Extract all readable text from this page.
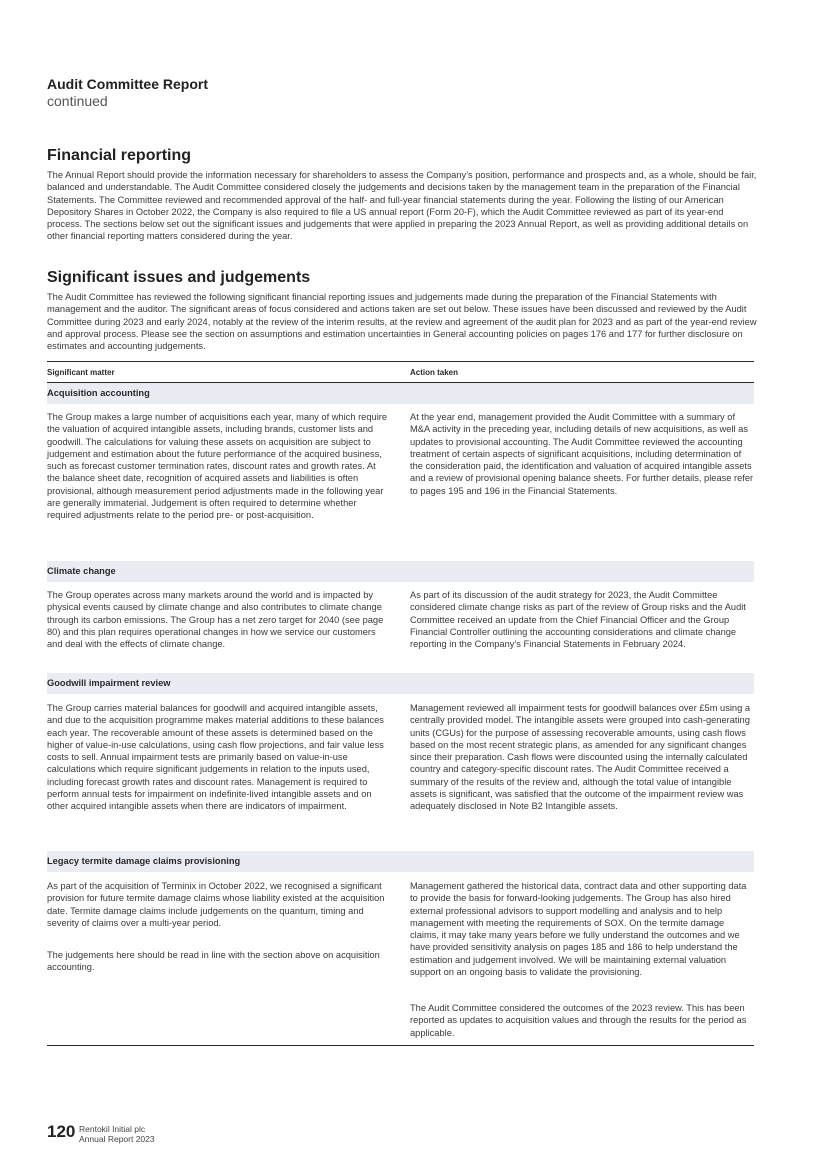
Audit Committee Report
continued
Financial reporting

The Annual Report should provide the information necessary for shareholders to assess the Company’s position, performance and prospects and, as a whole, should be fair, balanced and understandable. The Audit Committee considered closely the judgements and decisions taken by the management team in the preparation of the Financial Statements. The Committee reviewed and recommended approval of the half- and full-year financial statements during the year. Following the listing of our American Depository Shares in October 2022, the Company is also required to file a US annual report (Form 20-F), which the Audit Committee reviewed as part of its year-end process. The sections below set out the significant issues and judgements that were applied in preparing the 2023 Annual Report, as well as providing additional details on other financial reporting matters considered during the year.

Significant issues and judgements

The Audit Committee has reviewed the following significant financial reporting issues and judgements made during the preparation of the Financial Statements with management and the auditor. The significant areas of focus considered and actions taken are set out below. These issues have been discussed and reviewed by the Audit Committee during 2023 and early 2024, notably at the review of the interim results, at the review and agreement of the audit plan for 2023 and as part of the year-end review and approval process. Please see the section on assumptions and estimation uncertainties in General accounting policies on pages 176 and 177 for further disclosure on estimates and accounting judgements.

Significant matter	Action taken
Acquisition accounting

The Group makes a large number of acquisitions each year, many of which require the valuation of acquired intangible assets, including brands, customer lists and goodwill. The calculations for valuing these assets on acquisition are subject to judgement and estimation about the future performance of the acquired business, such as forecast customer termination rates, discount rates and growth rates. At the balance sheet date, recognition of acquired assets and liabilities is often provisional, although measurement period adjustments made in the following year are generally immaterial. Judgement is often required to determine whether required adjustments relate to the period pre- or post-acquisition.

At the year end, management provided the Audit Committee with a summary of M&A activity in the preceding year, including details of new acquisitions, as well as updates to provisional accounting. The Audit Committee reviewed the accounting treatment of certain aspects of significant acquisitions, including determination of the consideration paid, the identification and valuation of acquired intangible assets and a review of provisional opening balance sheets. For further details, please refer to pages 195 and 196 in the Financial Statements.

Climate change

The Group operates across many markets around the world and is impacted by physical events caused by climate change and also contributes to climate change through its carbon emissions. The Group has a net zero target for 2040 (see page 80) and this plan requires operational changes in how we service our customers and deal with the effects of climate change.

As part of its discussion of the audit strategy for 2023, the Audit Committee considered climate change risks as part of the review of Group risks and the Audit Committee received an update from the Chief Financial Officer and the Group Financial Controller outlining the accounting considerations and climate change reporting in the Company’s Financial Statements in February 2024.

Goodwill impairment review

The Group carries material balances for goodwill and acquired intangible assets, and due to the acquisition programme makes material additions to these balances each year. The recoverable amount of these assets is determined based on the higher of value-in-use calculations, using cash flow projections, and fair value less costs to sell. Annual impairment tests are primarily based on value-in-use calculations which require significant judgements in relation to the inputs used, including forecast growth rates and discount rates. Management is required to perform annual tests for impairment on indefinite-lived intangible assets and on other acquired intangible assets when there are indicators of impairment.

Management reviewed all impairment tests for goodwill balances over £5m using a centrally provided model. The intangible assets were grouped into cash-generating units (CGUs) for the purpose of assessing recoverable amounts, using cash flows based on the most recent strategic plans, as amended for any significant changes since their preparation. Cash flows were discounted using the internally calculated country and category-specific discount rates. The Audit Committee received a summary of the results of the review and, although the total value of intangible assets is significant, was satisfied that the outcome of the impairment review was adequately disclosed in Note B2 Intangible assets.

Legacy termite damage claims provisioning

As part of the acquisition of Terminix in October 2022, we recognised a significant provision for future termite damage claims whose liability existed at the acquisition date. Termite damage claims include judgements on the quantum, timing and severity of claims over a multi-year period.

The judgements here should be read in line with the section above on acquisition accounting.

Management gathered the historical data, contract data and other supporting data to provide the basis for forward-looking judgements. The Group has also hired external professional advisors to support modelling and analysis and to help management with meeting the requirements of SOX. On the termite damage claims, it may take many years before we fully understand the outcomes and we have provided sensitivity analysis on pages 185 and 186 to help understand the estimation and judgement involved. We will be maintaining external valuation support on an ongoing basis to validate the provisioning.

The Audit Committee considered the outcomes of the 2023 review. This has been reported as updates to acquisition values and through the results for the period as applicable.

120 Rentokil Initial plc
Annual Report 2023
